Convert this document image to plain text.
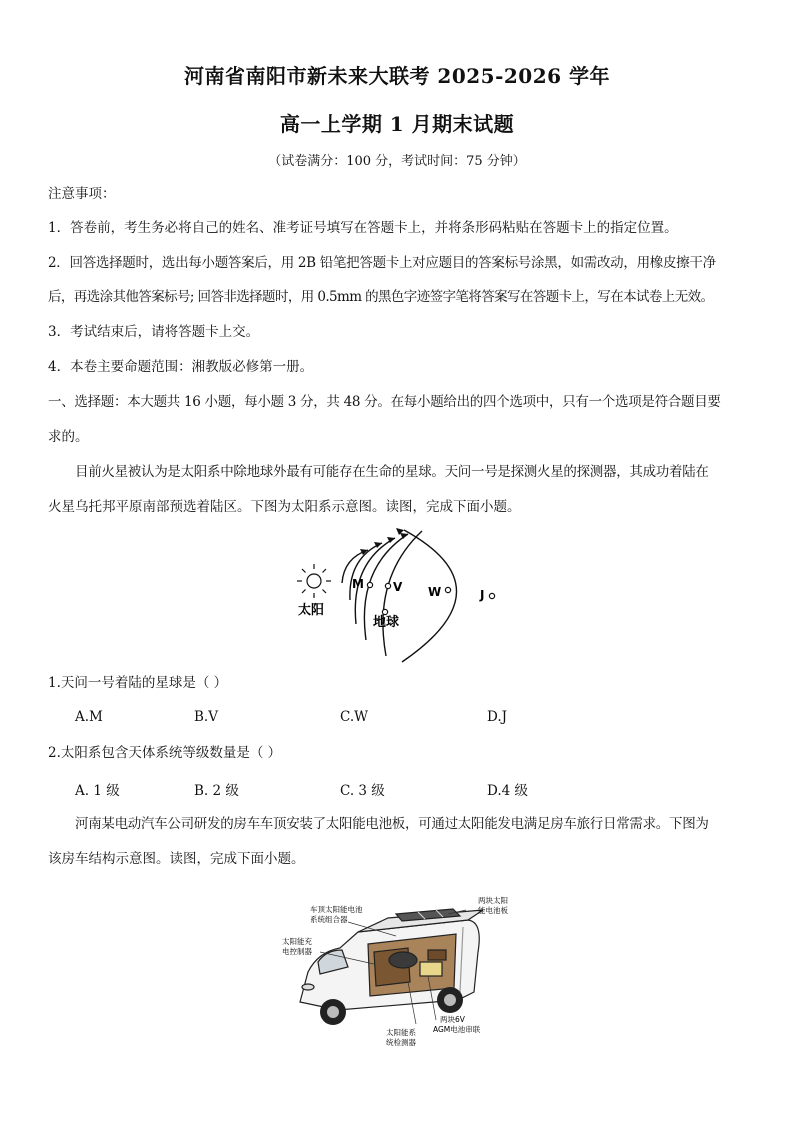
河南省南阳市新未来大联考 2025-2026 学年
高一上学期 1 月期末试题
（试卷满分：100 分，考试时间：75 分钟）
注意事项：
1．答卷前，考生务必将自己的姓名、准考证号填写在答题卡上，并将条形码粘贴在答题卡上的指定位置。
2．回答选择题时，选出每小题答案后，用 2B 铅笔把答题卡上对应题目的答案标号涂黑，如需改动，用橡皮擦干净
后，再选涂其他答案标号; 回答非选择题时，用 0.5mm 的黑色字迹签字笔将答案写在答题卡上，写在本试卷上无效。
3．考试结束后，请将答题卡上交。
4．本卷主要命题范围：湘教版必修第一册。
一、选择题：本大题共 16 小题，每小题 3 分，共 48 分。在每小题给出的四个选项中，只有一个选项是符合题目要
求的。
目前火星被认为是太阳系中除地球外最有可能存在生命的星球。天问一号是探测火星的探测器，其成功着陆在
火星乌托邦平原南部预选着陆区。下图为太阳系示意图。读图，完成下面小题。
太阳
地球
M V W	J
1.天问一号着陆的星球是（ ）
A.M	B.V	C.W	D.J
2.太阳系包含天体系统等级数量是（ ）
A. 1 级	B. 2 级	C. 3 级	D.4 级
河南某电动汽车公司研发的房车车顶安装了太阳能电池板，可通过太阳能发电满足房车旅行日常需求。下图为
该房车结构示意图。读图，完成下面小题。
车顶太阳能电池
系统组合器
太阳能充
电控制器
两块太阳
能电池板
两块6V
AGM电池串联
太阳能系
统检测器
